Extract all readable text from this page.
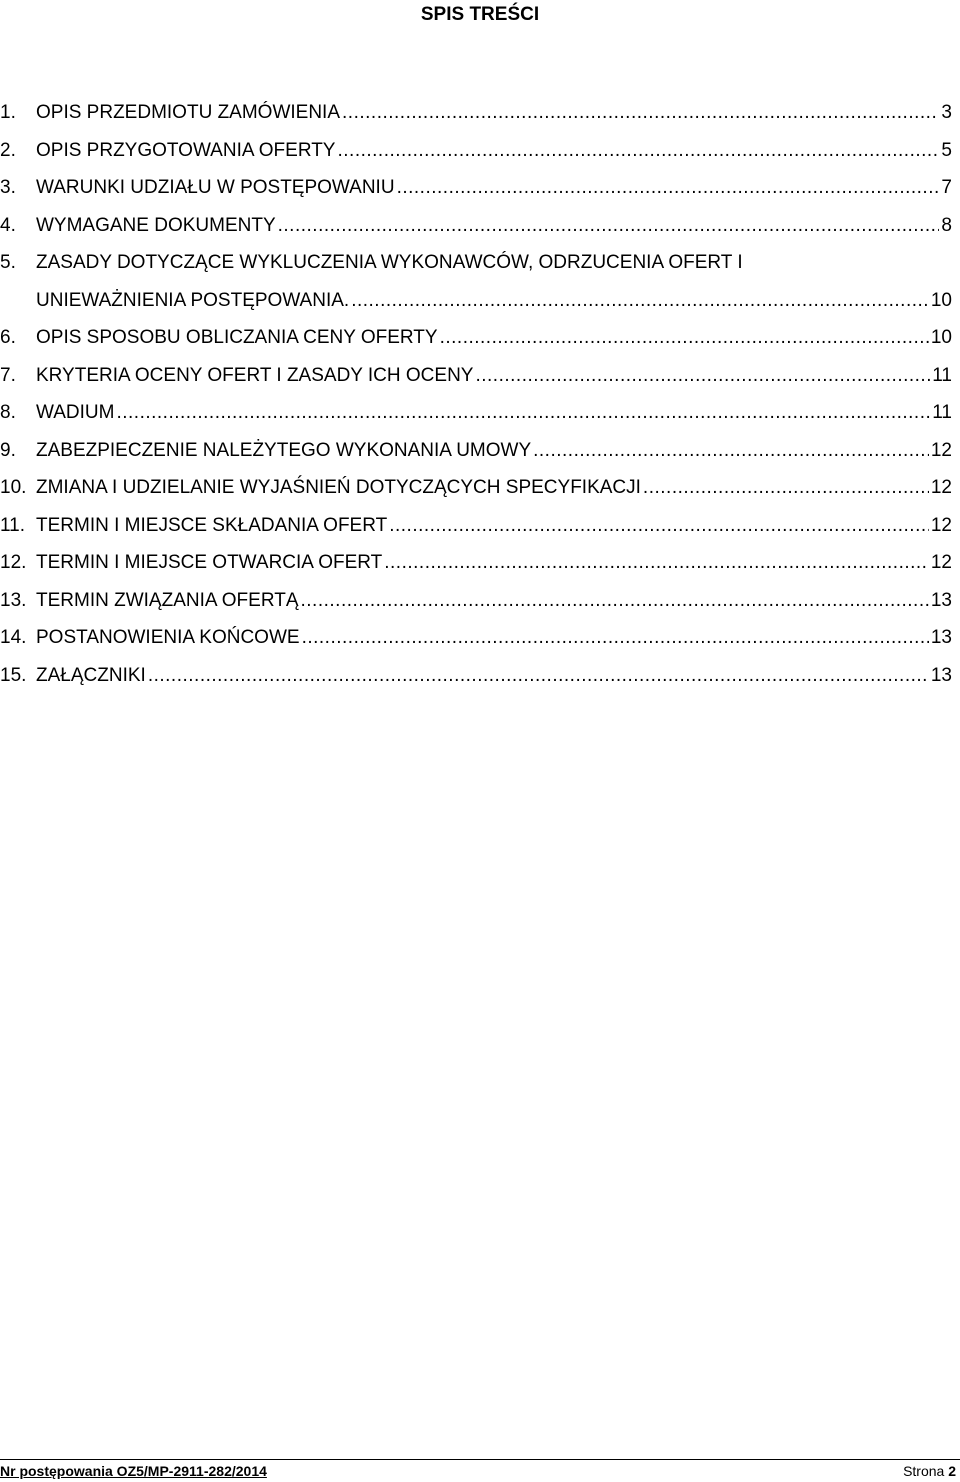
SPIS TREŚCI
1.	OPIS PRZEDMIOTU ZAMÓWIENIA .....	3
2.	OPIS PRZYGOTOWANIA OFERTY .....	5
3.	WARUNKI UDZIAŁU W POSTĘPOWANIU .....	7
4.	WYMAGANE DOKUMENTY .....	8
5.	ZASADY DOTYCZĄCE WYKLUCZENIA WYKONAWCÓW, ODRZUCENIA OFERT I
UNIEWAŻNIENIA POSTĘPOWANIA. .....	10
6.	OPIS SPOSOBU OBLICZANIA CENY OFERTY .....	10
7.	KRYTERIA OCENY OFERT I ZASADY ICH OCENY .....	11
8.	WADIUM .....	11
9.	ZABEZPIECZENIE NALEŻYTEGO WYKONANIA UMOWY .....	12
10. ZMIANA I UDZIELANIE WYJAŚNIEŃ DOTYCZĄCYCH SPECYFIKACJI .....	12
11. TERMIN I MIEJSCE SKŁADANIA OFERT .....	12
12. TERMIN I MIEJSCE OTWARCIA OFERT .....	12
13. TERMIN ZWIĄZANIA OFERTĄ .....	13
14. POSTANOWIENIA KOŃCOWE .....	13
15. ZAŁĄCZNIKI .....	13
Nr postępowania OZ5/MP-2911-282/2014	Strona 2
